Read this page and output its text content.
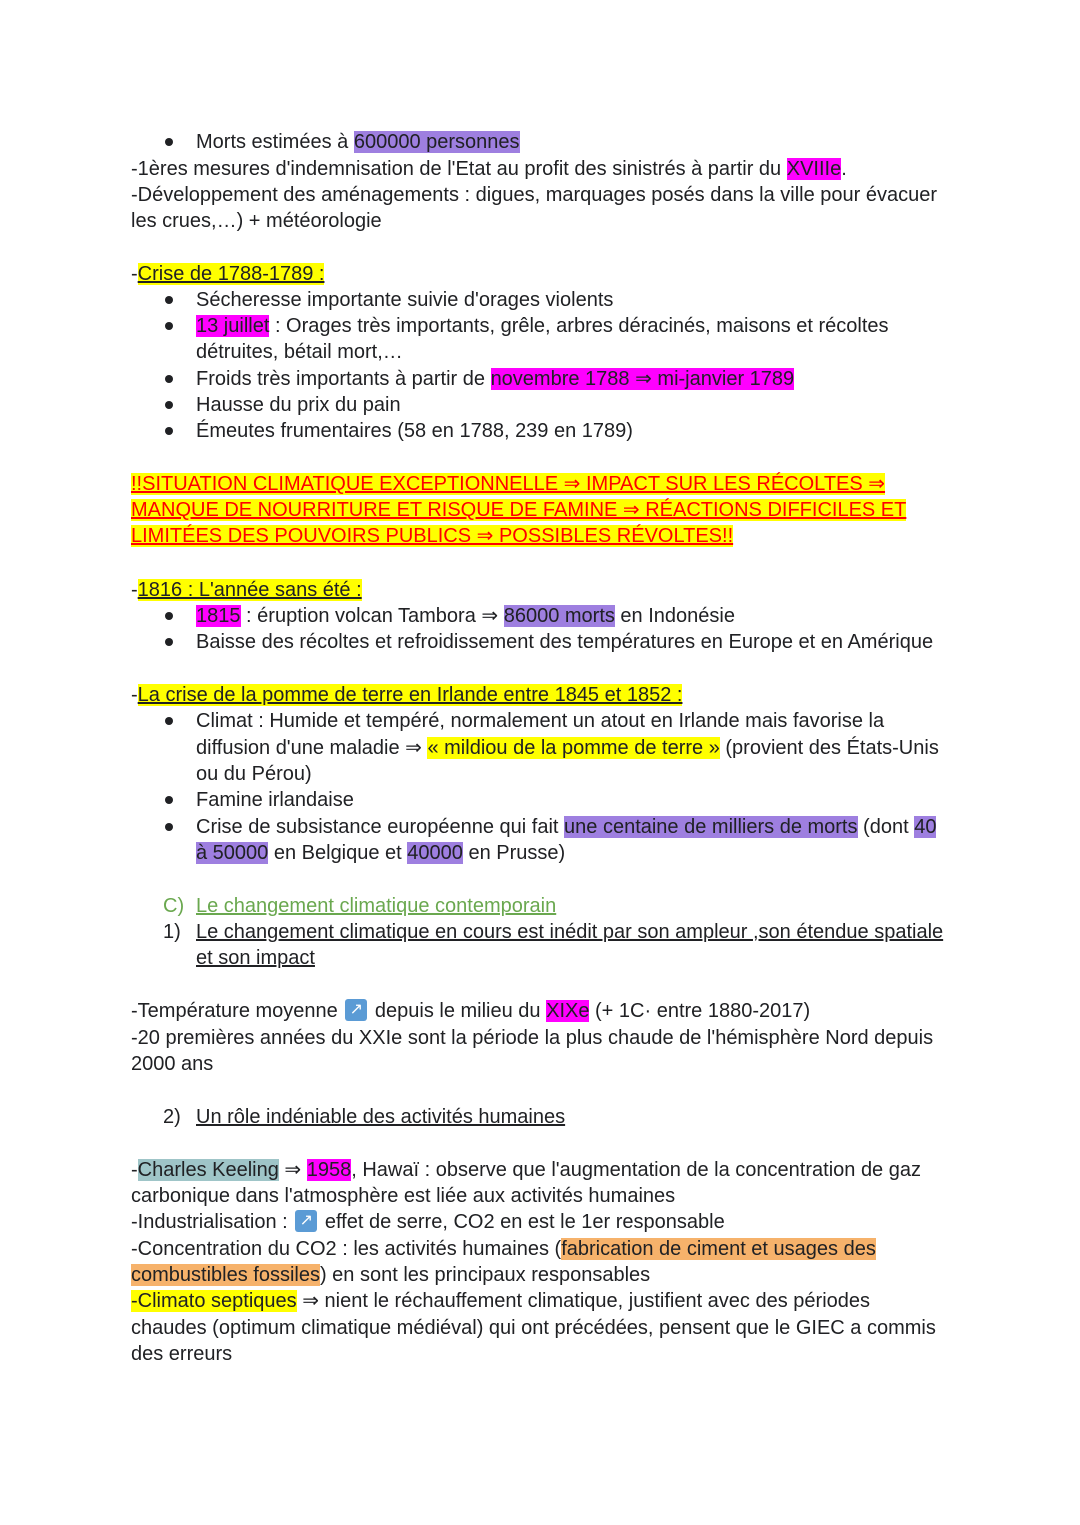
Morts estimées à 600000 personnes
-1ères mesures d'indemnisation de l'Etat au profit des sinistrés à partir du XVIIIe.
-Développement des aménagements : digues, marquages posés dans la ville pour évacuer
les crues,…) + météorologie
-Crise de 1788-1789 :
Sécheresse importante suivie d'orages violents
13 juillet : Orages très importants, grêle, arbres déracinés, maisons et récoltes
détruites, bétail mort,…
Froids très importants à partir de novembre 1788 ⇒ mi-janvier 1789
Hausse du prix du pain
Émeutes frumentaires (58 en 1788, 239 en 1789)
!!SITUATION CLIMATIQUE EXCEPTIONNELLE ⇒ IMPACT SUR LES RÉCOLTES ⇒
MANQUE DE NOURRITURE ET RISQUE DE FAMINE ⇒ RÉACTIONS DIFFICILES ET
LIMITÉES DES POUVOIRS PUBLICS ⇒ POSSIBLES RÉVOLTES!!
-1816 : L'année sans été :
1815 : éruption volcan Tambora ⇒ 86000 morts en Indonésie
Baisse des récoltes et refroidissement des températures en Europe et en Amérique
-La crise de la pomme de terre en Irlande entre 1845 et 1852 :
Climat : Humide et tempéré, normalement un atout en Irlande mais favorise la
diffusion d'une maladie ⇒ « mildiou de la pomme de terre » (provient des États-Unis
ou du Pérou)
Famine irlandaise
Crise de subsistance européenne qui fait une centaine de milliers de morts (dont 40
à 50000 en Belgique et 40000 en Prusse)
C) Le changement climatique contemporain
1) Le changement climatique en cours est inédit par son ampleur ,son étendue spatiale
et son impact
-Température moyenne ↗ depuis le milieu du XIXe (+ 1C· entre 1880-2017)
-20 premières années du XXIe sont la période la plus chaude de l'hémisphère Nord depuis
2000 ans
2) Un rôle indéniable des activités humaines
-Charles Keeling ⇒ 1958, Hawaï : observe que l'augmentation de la concentration de gaz
carbonique dans l'atmosphère est liée aux activités humaines
-Industrialisation : ↗ effet de serre, CO2 en est le 1er responsable
-Concentration du CO2 : les activités humaines (fabrication de ciment et usages des
combustibles fossiles) en sont les principaux responsables
-Climato septiques ⇒ nient le réchauffement climatique, justifient avec des périodes
chaudes (optimum climatique médiéval) qui ont précédées, pensent que le GIEC a commis
des erreurs
